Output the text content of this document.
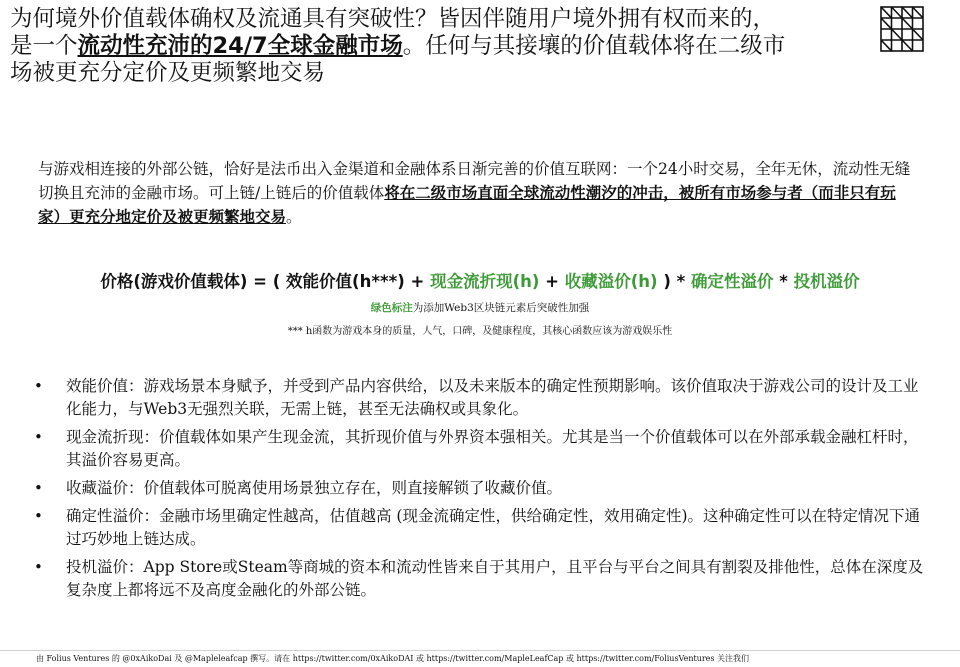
为何境外价值载体确权及流通具有突破性？皆因伴随用户境外拥有权而来的，是一个流动性充沛的24/7全球金融市场。任何与其接壤的价值载体将在二级市场被更充分定价及更频繁地交易

与游戏相连接的外部公链，恰好是法币出入金渠道和金融体系日渐完善的价值互联网：一个24小时交易，全年无休，流动性无缝切换且充沛的金融市场。可上链/上链后的价值载体将在二级市场直面全球流动性潮汐的冲击，被所有市场参与者（而非只有玩家）更充分地定价及被更频繁地交易。

价格(游戏价值载体) = ( 效能价值(h***) + 现金流折现(h) + 收藏溢价(h) ) * 确定性溢价 * 投机溢价
绿色标注为添加Web3区块链元素后突破性加强
*** h函数为游戏本身的质量，人气，口碑，及健康程度，其核心函数应该为游戏娱乐性
• 效能价值：游戏场景本身赋予，并受到产品内容供给，以及未来版本的确定性预期影响。该价值取决于游戏公司的设计及工业化能力，与Web3无强烈关联，无需上链，甚至无法确权或具象化。
• 现金流折现：价值载体如果产生现金流，其折现价值与外界资本强相关。尤其是当一个价值载体可以在外部承载金融杠杆时，其溢价容易更高。
• 收藏溢价：价值载体可脱离使用场景独立存在，则直接解锁了收藏价值。
• 确定性溢价：金融市场里确定性越高，估值越高 (现金流确定性，供给确定性，效用确定性)。这种确定性可以在特定情况下通过巧妙地上链达成。
• 投机溢价：App Store或Steam等商城的资本和流动性皆来自于其用户，且平台与平台之间具有割裂及排他性，总体在深度及复杂度上都将远不及高度金融化的外部公链。
由 Folius Ventures 的 @0xAikoDai 及 @Mapleleafcap 撰写。请在 https://twitter.com/0xAikoDAI 或 https://twitter.com/MapleLeafCap 或 https://twitter.com/FoliusVentures 关注我们
